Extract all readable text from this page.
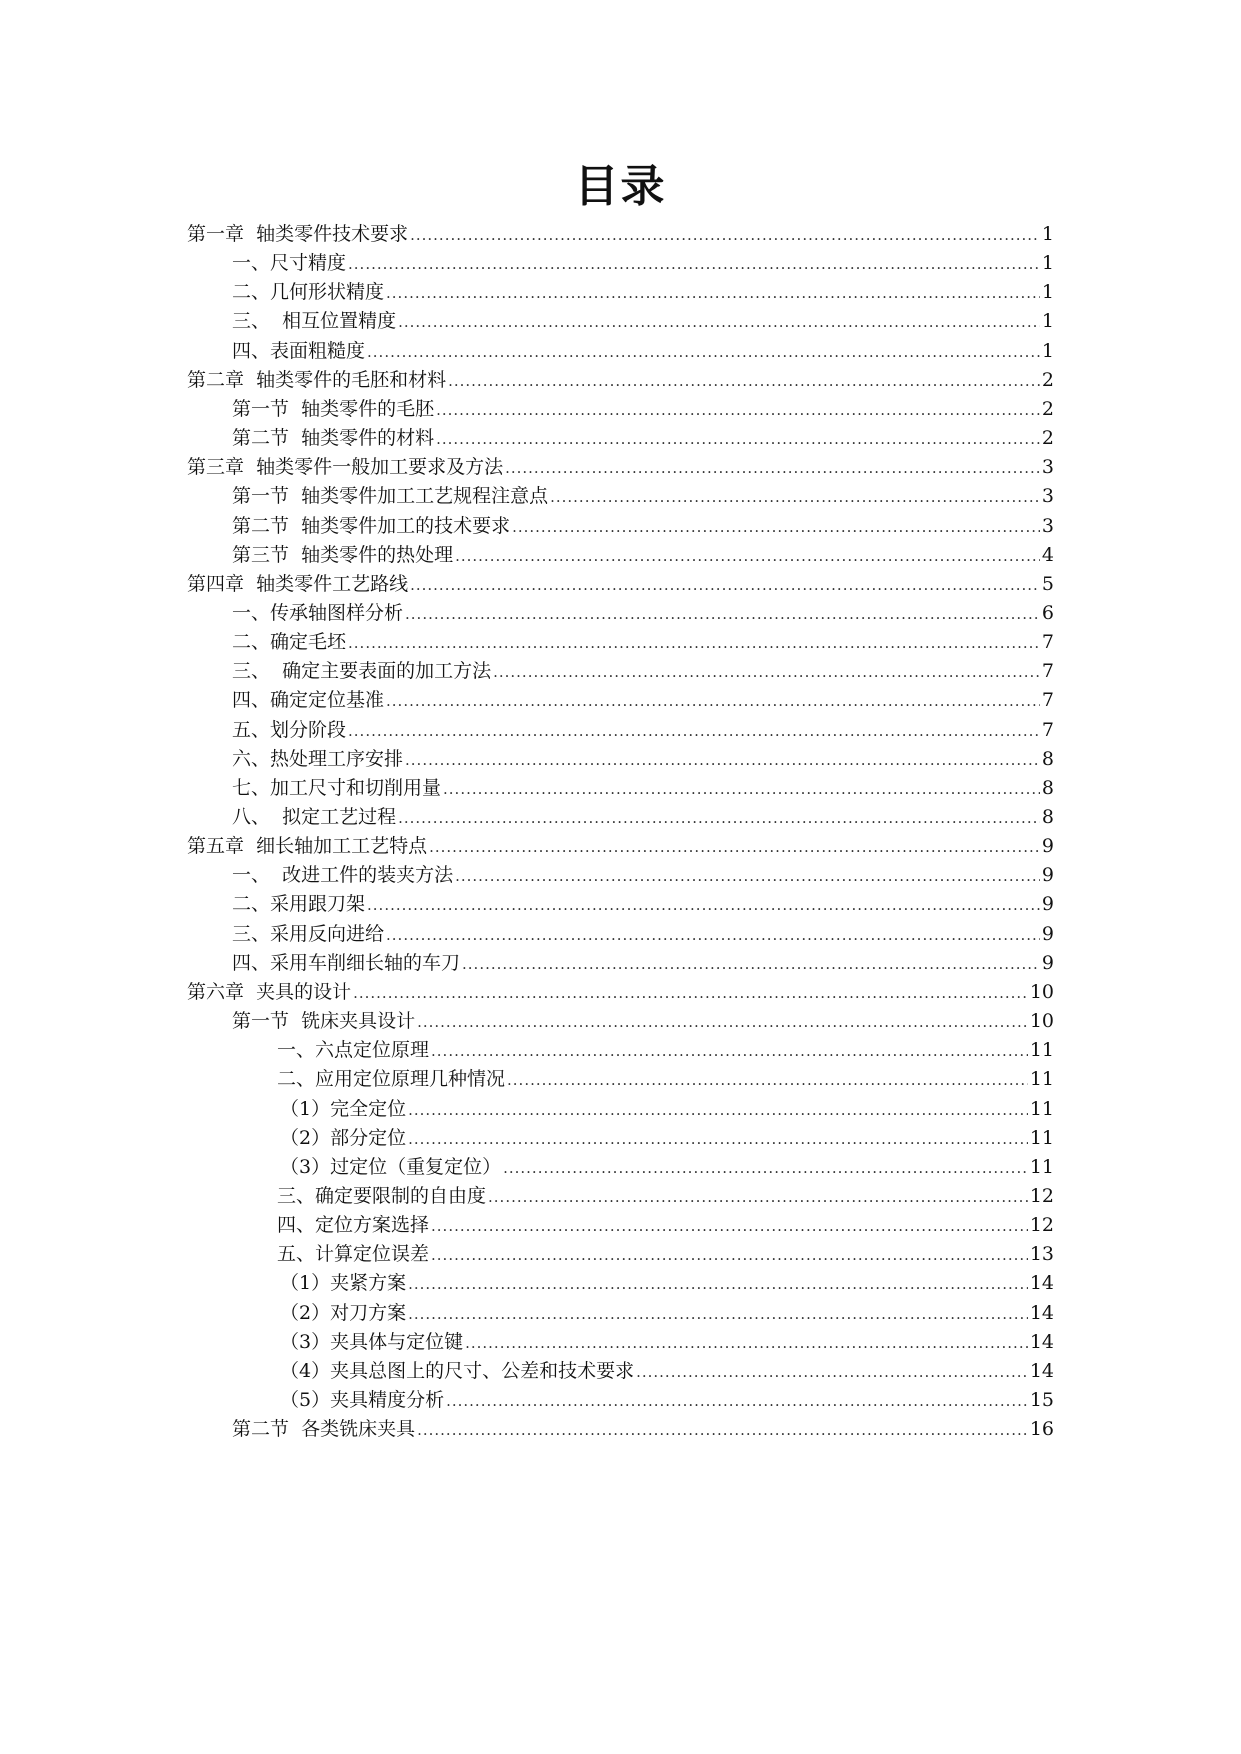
目录
第一章  轴类零件技术要求 .....	1
一、尺寸精度 .....	1
二、几何形状精度 .....	1
三、  相互位置精度 .....	1
四、表面粗糙度 .....	1
第二章  轴类零件的毛胚和材料 .....	2
第一节  轴类零件的毛胚 .....	2
第二节  轴类零件的材料 .....	2
第三章  轴类零件一般加工要求及方法 .....	3
第一节  轴类零件加工工艺规程注意点 .....	3
第二节  轴类零件加工的技术要求 .....	3
第三节  轴类零件的热处理 .....	4
第四章  轴类零件工艺路线 .....	5
一、传承轴图样分析 .....	6
二、确定毛坯 .....	7
三、  确定主要表面的加工方法 .....	7
四、确定定位基准 .....	7
五、划分阶段 .....	7
六、热处理工序安排 .....	8
七、加工尺寸和切削用量 .....	8
八、  拟定工艺过程 .....	8
第五章  细长轴加工工艺特点 .....	9
一、  改进工件的装夹方法 .....	9
二、采用跟刀架 .....	9
三、采用反向进给 .....	9
四、采用车削细长轴的车刀 .....	9
第六章  夹具的设计 .....	10
第一节  铣床夹具设计 .....	10
一、六点定位原理 .....	11
二、应用定位原理几种情况 .....	11
（1）完全定位 .....	11
（2）部分定位 .....	11
（3）过定位（重复定位） .....	11
三、确定要限制的自由度 .....	12
四、定位方案选择 .....	12
五、计算定位误差 .....	13
（1）夹紧方案 .....	14
（2）对刀方案 .....	14
（3）夹具体与定位键 .....	14
（4）夹具总图上的尺寸、公差和技术要求 .....	14
（5）夹具精度分析 .....	15
第二节  各类铣床夹具 .....	16
